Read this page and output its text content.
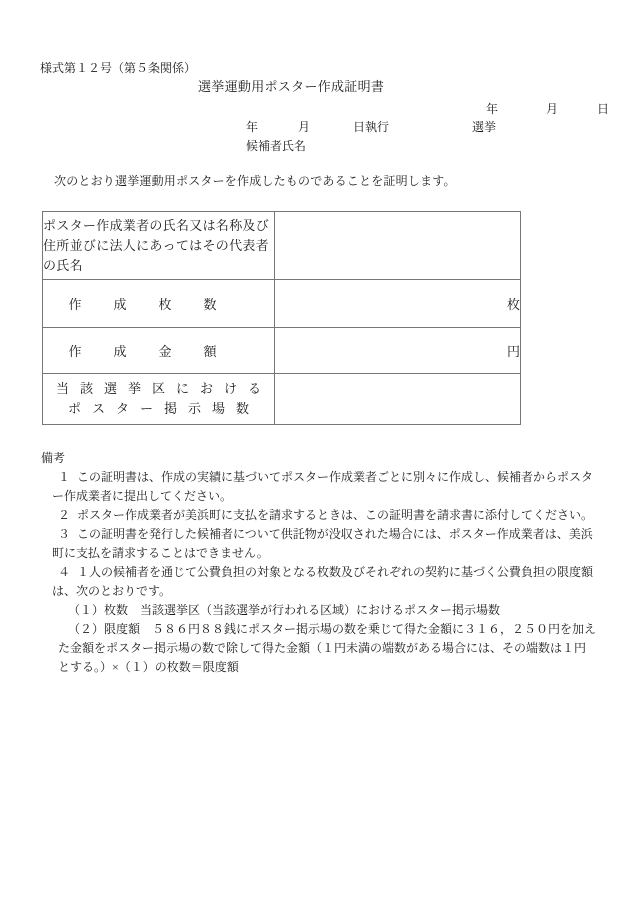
様式第１２号（第５条関係）
選挙運動用ポスター作成証明書

年

	月

	日

年

	月

	日執行

	選挙

候補者氏名
次のとおり選挙運動用ポスターを作成したものであることを証明します。
ポスター作成業者の氏名又は名称及び
住所並びに法人にあってはその代表者
の氏名	

作成枚数	枚
作成金額	円

当該選挙区における
ポスター掲示場数	

備考
１ この証明書は、作成の実績に基づいてポスター作成業者ごとに別々に作成し、候補者からポスタ
ー作成業者に提出してください。
２ ポスター作成業者が美浜町に支払を請求するときは、この証明書を請求書に添付してください。
３ この証明書を発行した候補者について供託物が没収された場合には、ポスター作成業者は、美浜
町に支払を請求することはできません。
４ １人の候補者を通じて公費負担の対象となる枚数及びそれぞれの契約に基づく公費負担の限度額
は、次のとおりです。
（１）枚数　当該選挙区（当該選挙が行われる区域）におけるポスター掲示場数
（２）限度額　５８６円８８銭にポスター掲示場の数を乗じて得た金額に３１６，２５０円を加え
た金額をポスター掲示場の数で除して得た金額（１円未満の端数がある場合には、その端数は１円
とする。）×（１）の枚数＝限度額
